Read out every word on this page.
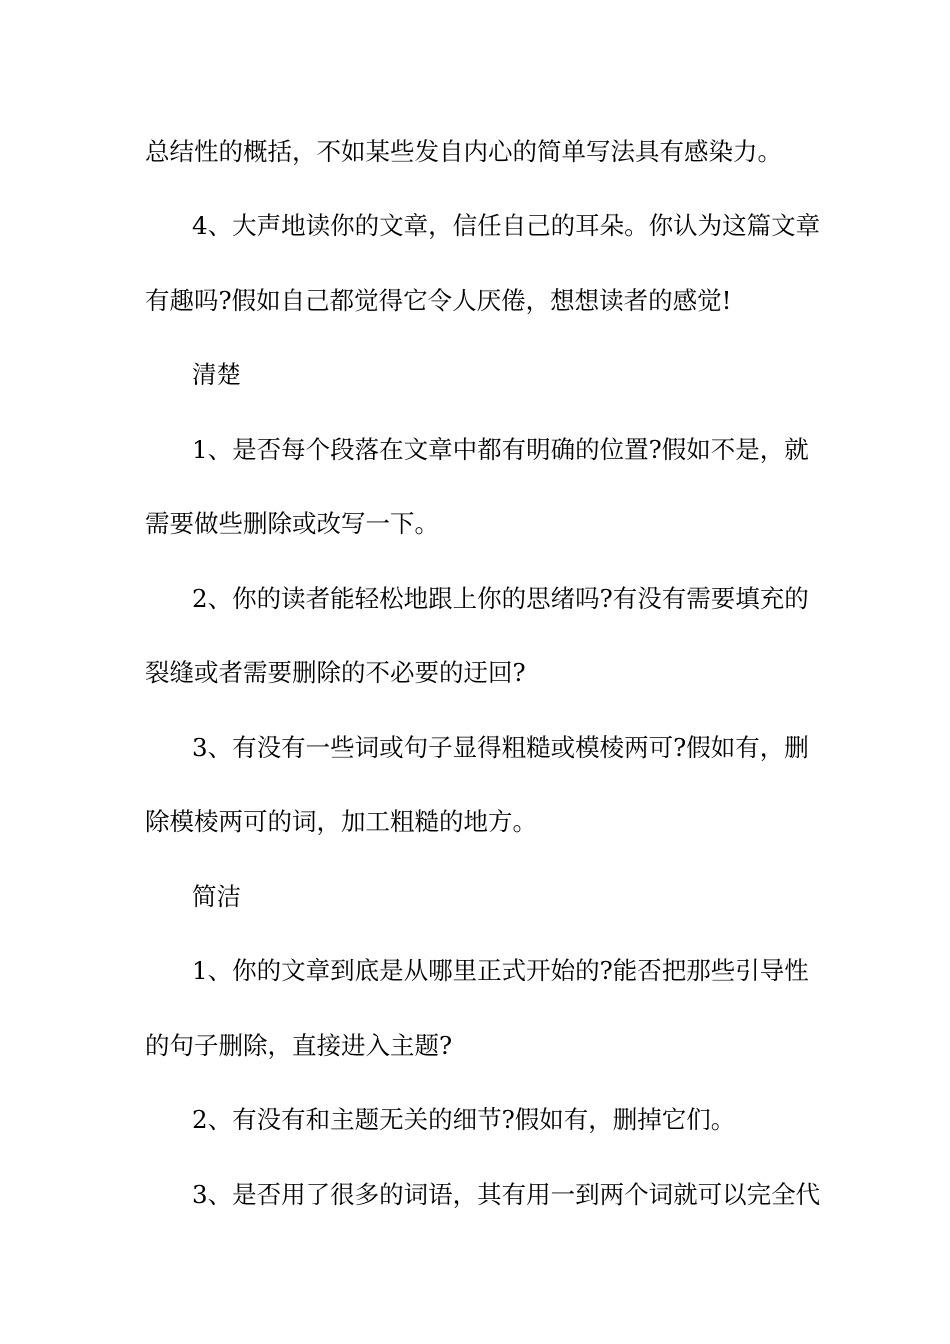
总结性的概括，不如某些发自内心的简单写法具有感染力。
4、大声地读你的文章，信任自己的耳朵。你认为这篇文章
有趣吗?假如自己都觉得它令人厌倦，想想读者的感觉!
清楚
1、是否每个段落在文章中都有明确的位置?假如不是，就
需要做些删除或改写一下。
2、你的读者能轻松地跟上你的思绪吗?有没有需要填充的
裂缝或者需要删除的不必要的迂回?
3、有没有一些词或句子显得粗糙或模棱两可?假如有，删
除模棱两可的词，加工粗糙的地方。
简洁
1、你的文章到底是从哪里正式开始的?能否把那些引导性
的句子删除，直接进入主题?
2、有没有和主题无关的细节?假如有，删掉它们。
3、是否用了很多的词语，其有用一到两个词就可以完全代
